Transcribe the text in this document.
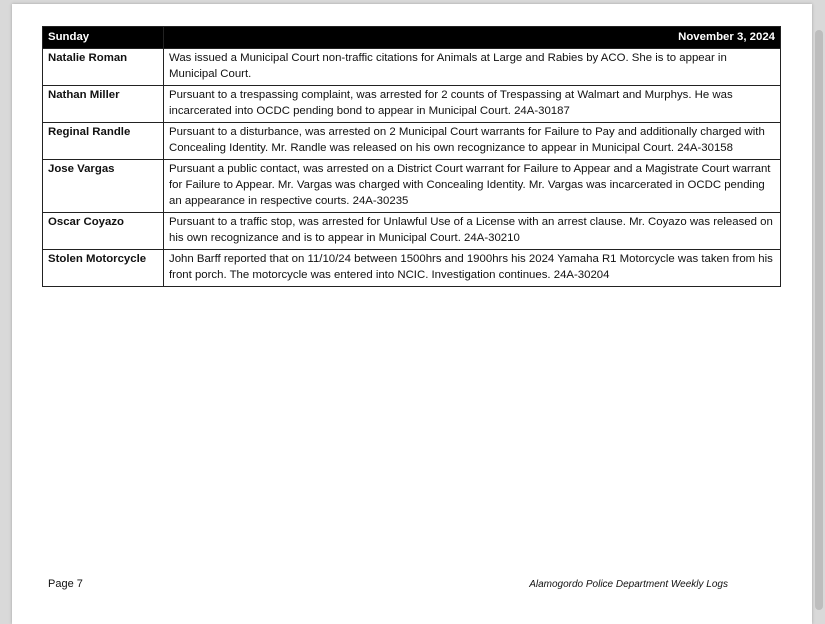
Sunday	November 3, 2024
Natalie Roman	Was issued a Municipal Court non-traffic citations for Animals at Large and Rabies by ACO. She is to appear in Municipal Court.
Nathan Miller	Pursuant to a trespassing complaint, was arrested for 2 counts of Trespassing at Walmart and Murphys. He was incarcerated into OCDC pending bond to appear in Municipal Court. 24A-30187
Reginal Randle	Pursuant to a disturbance, was arrested on 2 Municipal Court warrants for Failure to Pay and additionally charged with Concealing Identity. Mr. Randle was released on his own recognizance to appear in Municipal Court. 24A-30158
Jose Vargas	Pursuant a public contact, was arrested on a District Court warrant for Failure to Appear and a Magistrate Court warrant for Failure to Appear. Mr. Vargas was charged with Concealing Identity. Mr. Vargas was incarcerated in OCDC pending an appearance in respective courts. 24A-30235
Oscar Coyazo	Pursuant to a traffic stop, was arrested for Unlawful Use of a License with an arrest clause. Mr. Coyazo was released on his own recognizance and is to appear in Municipal Court. 24A-30210
Stolen Motorcycle	John Barff reported that on 11/10/24 between 1500hrs and 1900hrs his 2024 Yamaha R1 Motorcycle was taken from his front porch. The motorcycle was entered into NCIC. Investigation continues. 24A-30204
Page 7	Alamogordo Police Department Weekly Logs
